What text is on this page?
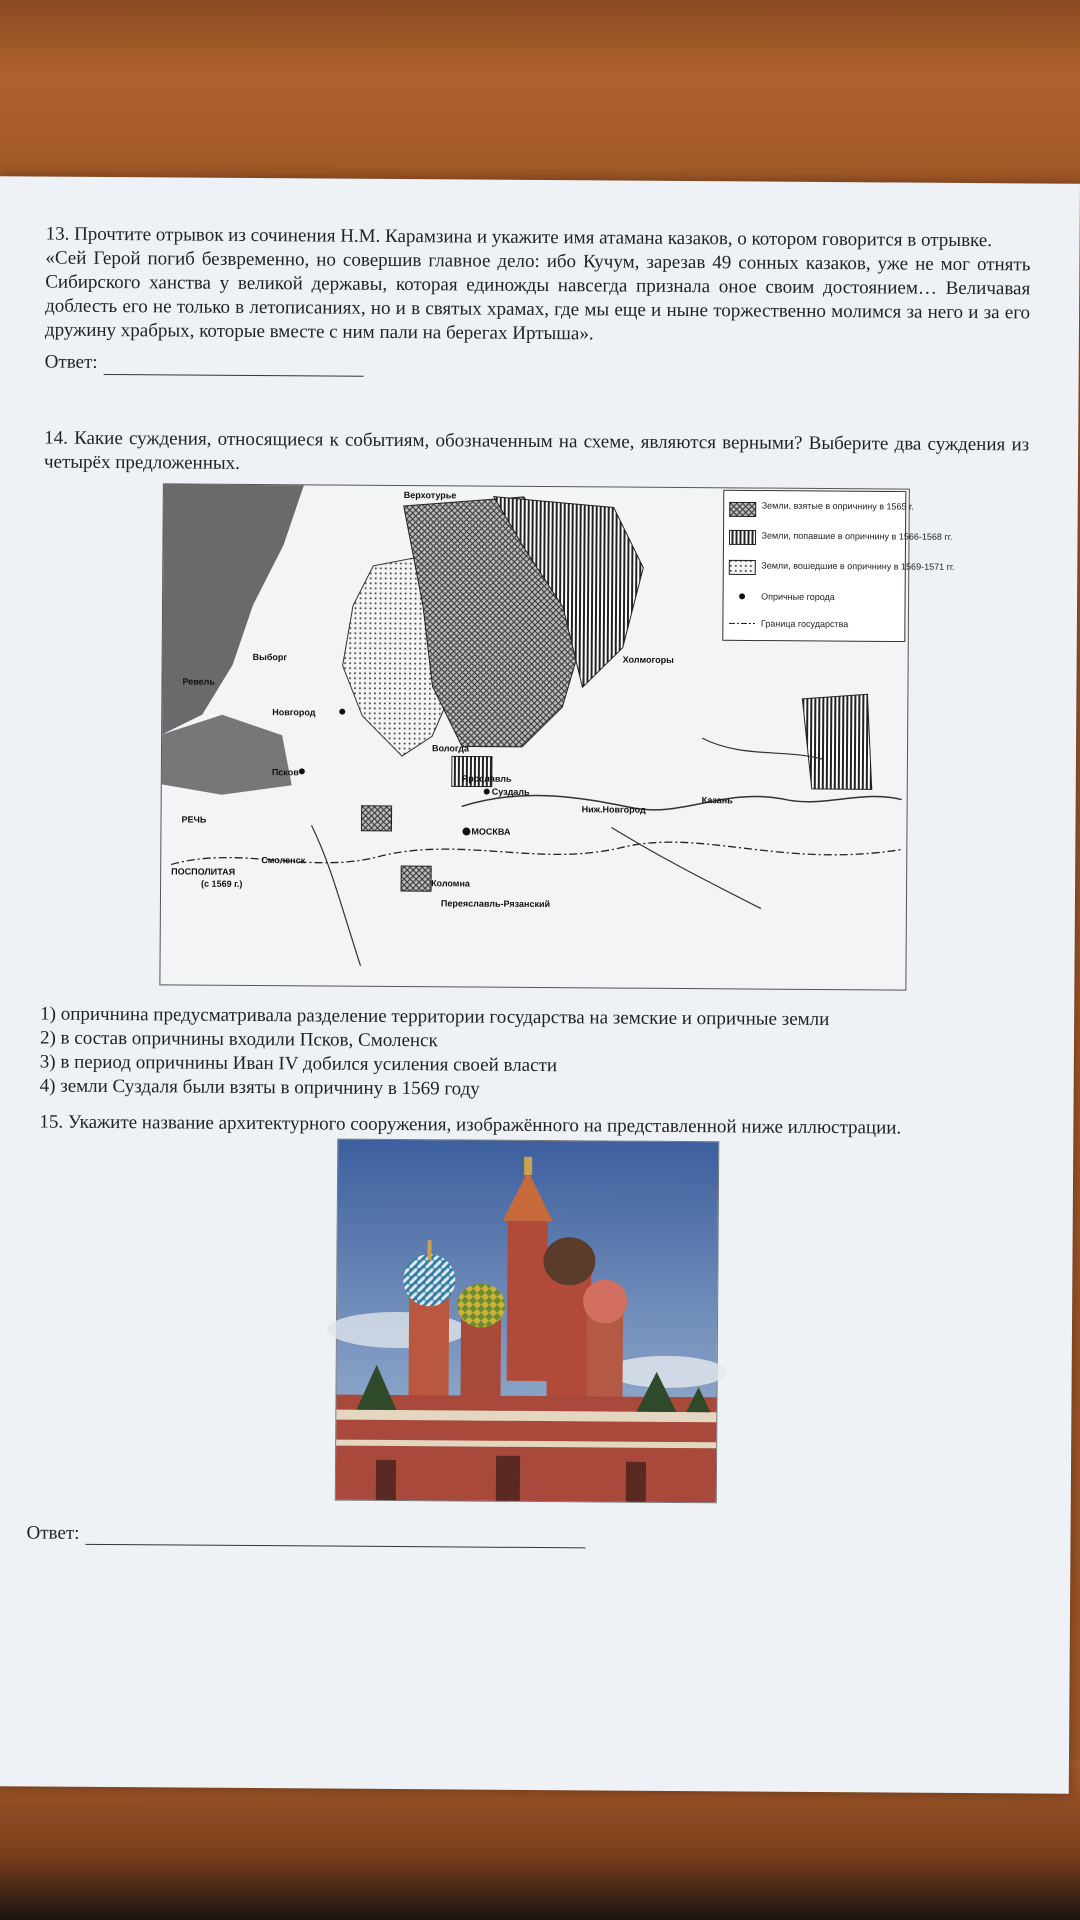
13. Прочтите отрывок из сочинения Н.М. Карамзина и укажите имя атамана казаков, о котором говорится в отрывке.

«Сей Герой погиб безвременно, но совершив главное дело: ибо Кучум, зарезав 49 сонных казаков, уже не мог отнять Сибирского ханства у великой державы, которая единожды навсегда признала оное своим достоянием… Величавая доблесть его не только в летописаниях, но и в святых храмах, где мы еще и ныне торжественно молимся за него и за его дружину храбрых, которые вместе с ним пали на берегах Иртыша».

Ответ:

14. Какие суждения, относящиеся к событиям, обозначенным на схеме, являются верными? Выберите два суждения из четырёх предложенных.

Земли, взятые в опричнину в 1565 г.
Земли, попавшие в опричнину в 1566-1568 гг.
Земли, вошедшие в опричнину в 1569-1571 гг.
Опричные города
Граница государства
МОСКВА
Смоленск
Псков
Суздаль
РЕЧЬ
ПОСПОЛИТАЯ
(с 1569 г.)
Новгород
Вологда
Ярославль
Выборг
Ревель
Казань
Ниж.Новгород
Коломна
Переяславль-Рязанский
Верхотурье
Холмогоры
1) опричнина предусматривала разделение территории государства на земские и опричные земли
2) в состав опричнины входили Псков, Смоленск
3) в период опричнины Иван IV добился усиления своей власти
4) земли Суздаля были взяты в опричнину в 1569 году

15. Укажите название архитектурного сооружения, изображённого на представленной ниже иллюстрации.

Ответ:
